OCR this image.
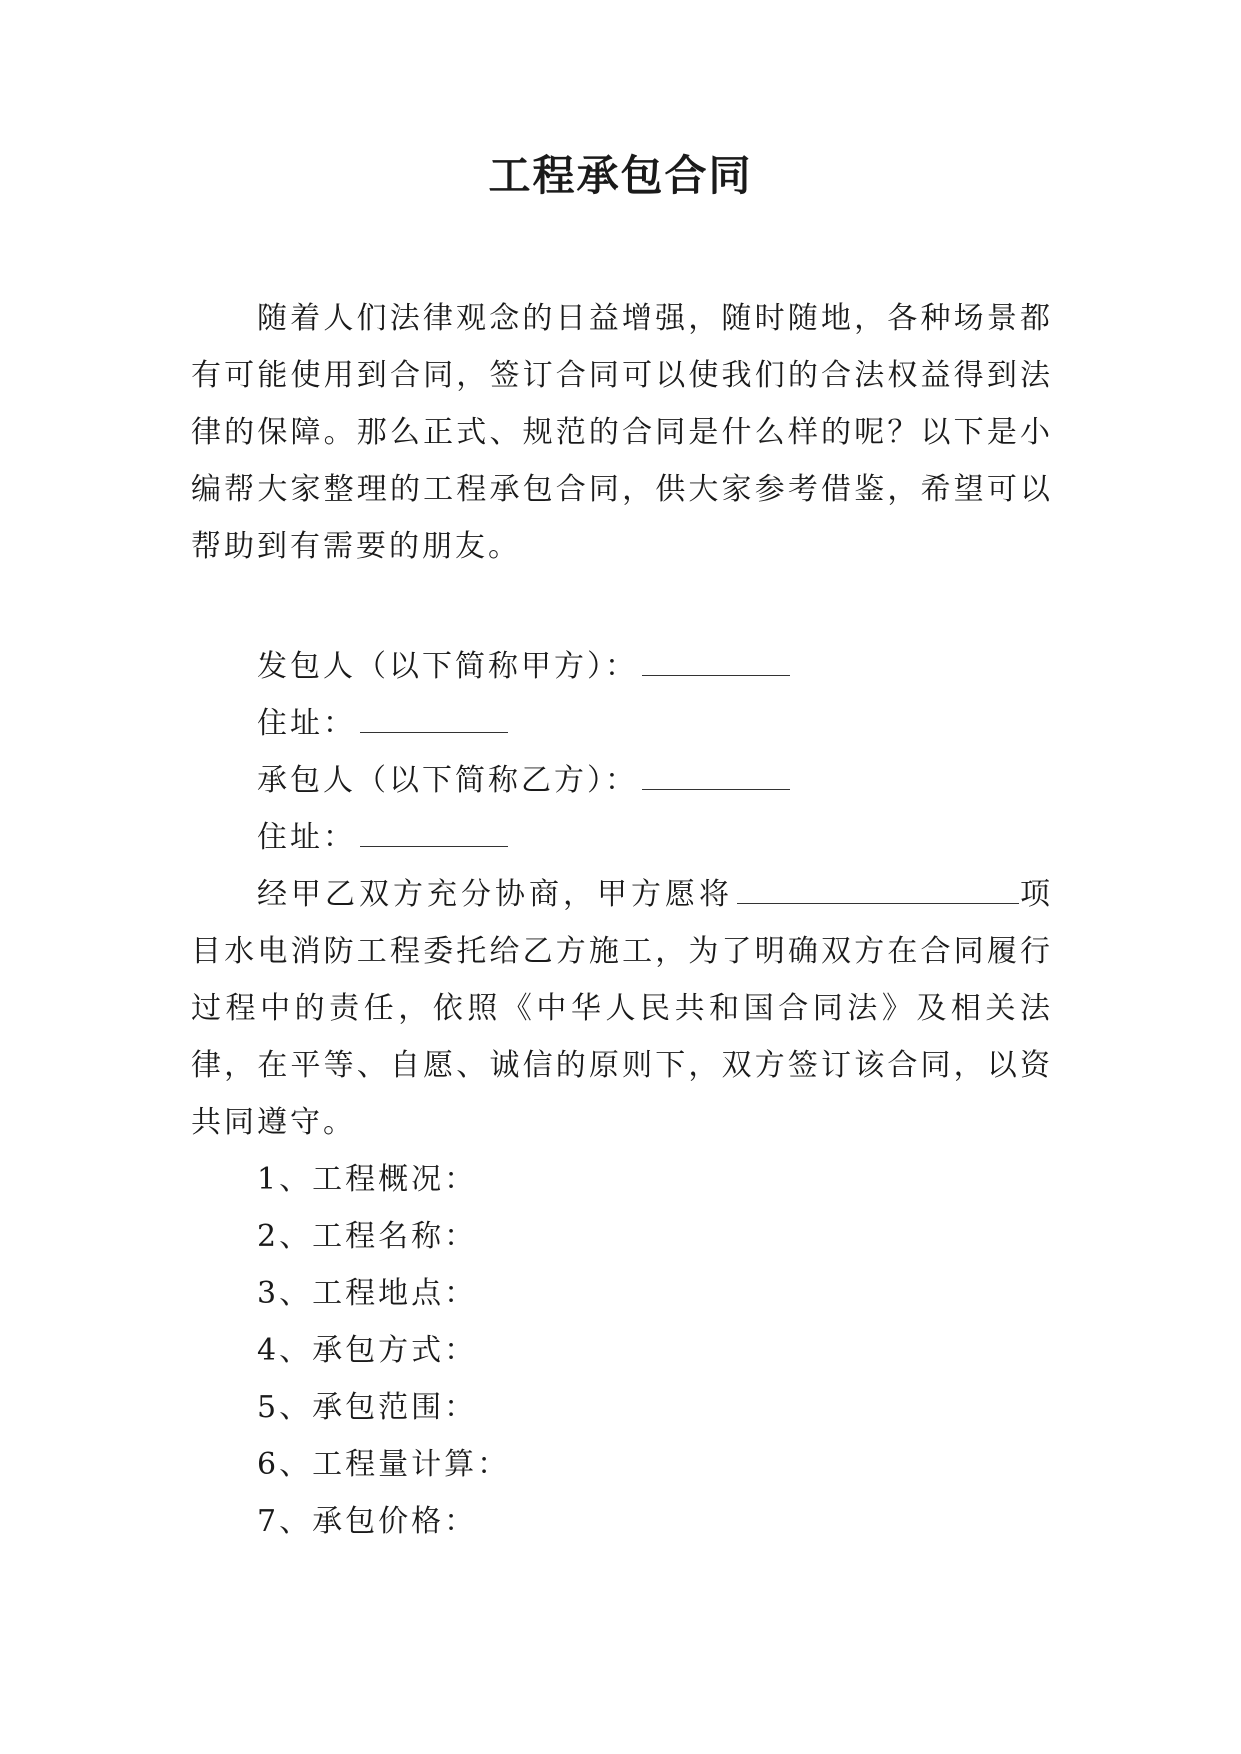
工程承包合同

随着人们法律观念的日益增强，随时随地，各种场景都有可能使用到合同，签订合同可以使我们的合法权益得到法律的保障。那么正式、规范的合同是什么样的呢？以下是小编帮大家整理的工程承包合同，供大家参考借鉴，希望可以帮助到有需要的朋友。

发包人（以下简称甲方）：

住址：

承包人（以下简称乙方）：

住址：

经甲乙双方充分协商，甲方愿将	项目水电消防工程委托给乙方施工，为了明确双方在合同履行过程中的责任，依照《中华人民共和国合同法》及相关法律，在平等、自愿、诚信的原则下，双方签订该合同，以资共同遵守。

1、工程概况：

2、工程名称：

3、工程地点：

4、承包方式：

5、承包范围：

6、工程量计算：

7、承包价格：
